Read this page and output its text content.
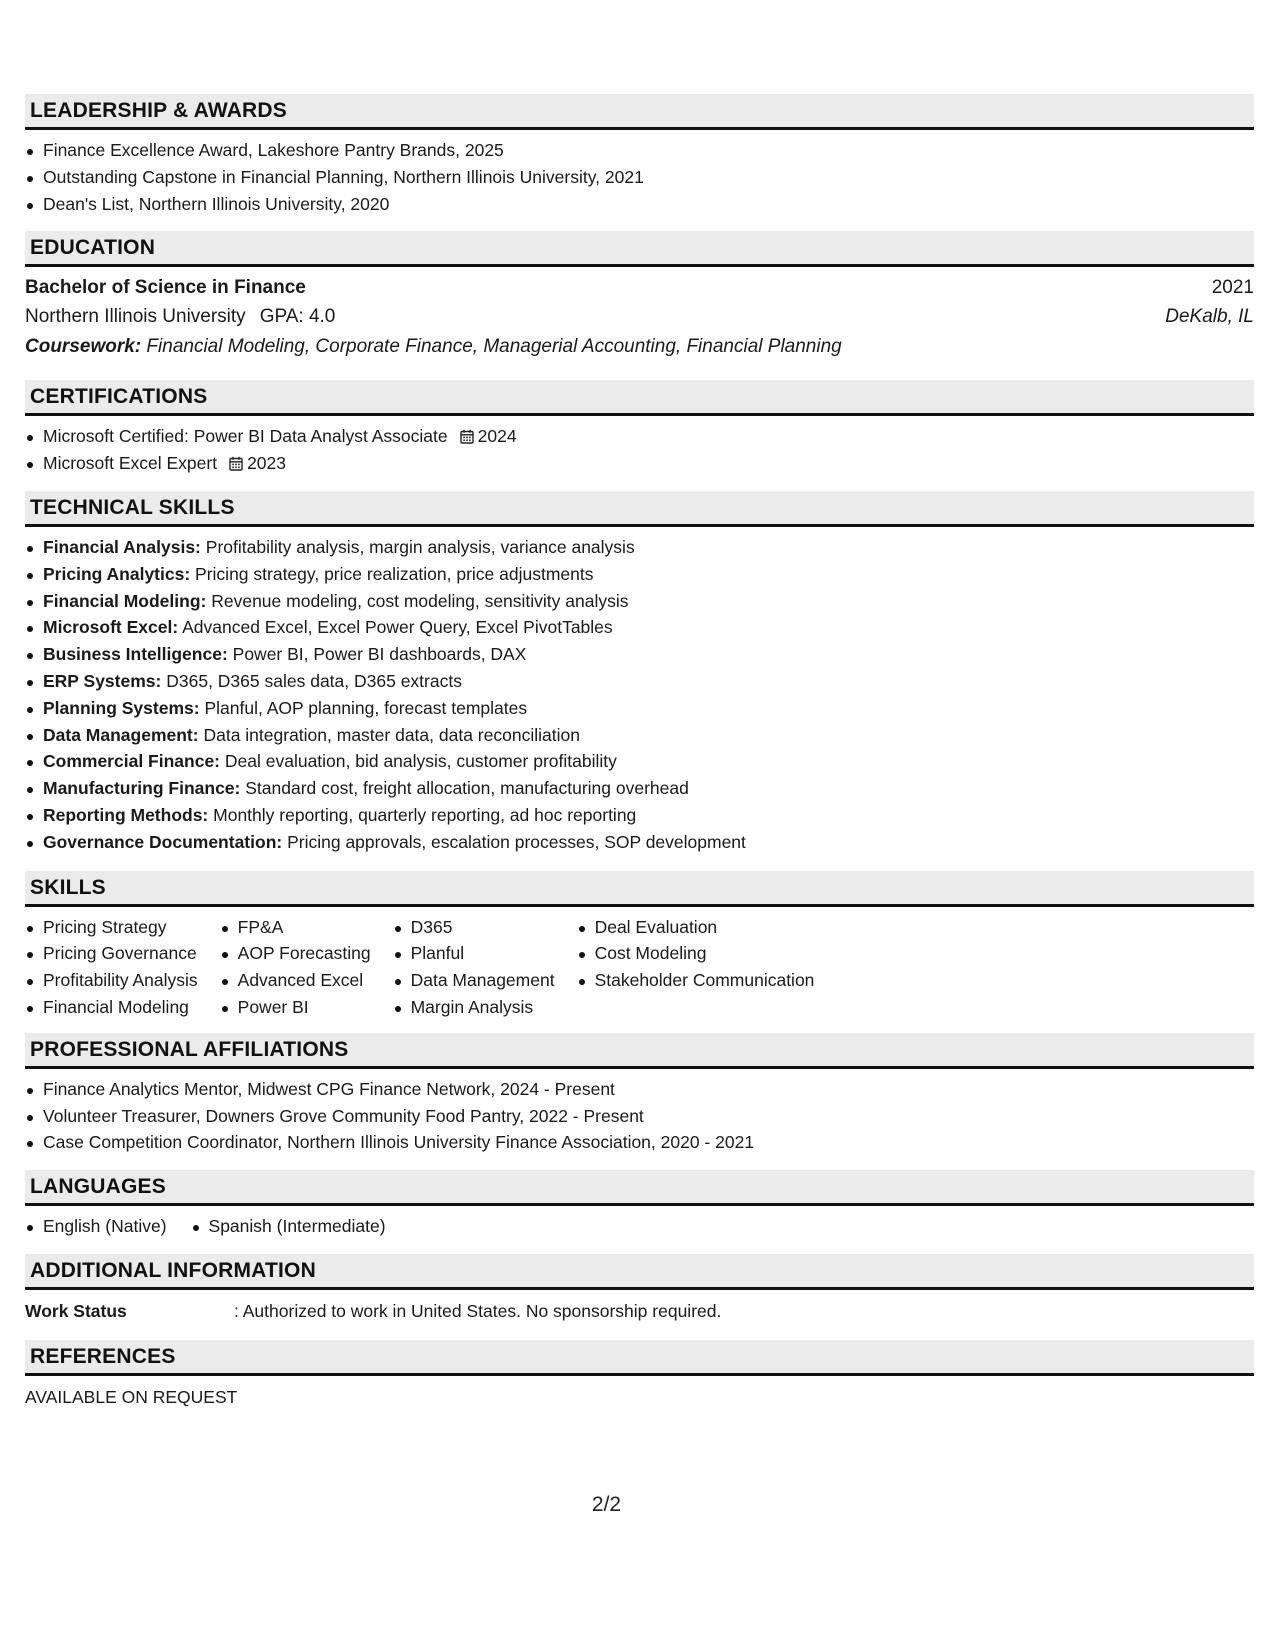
LEADERSHIP & AWARDS
Finance Excellence Award, Lakeshore Pantry Brands, 2025
Outstanding Capstone in Financial Planning, Northern Illinois University, 2021
Dean's List, Northern Illinois University, 2020
EDUCATION
Bachelor of Science in Finance	2021
Northern Illinois University GPA: 4.0	DeKalb, IL
Coursework: Financial Modeling, Corporate Finance, Managerial Accounting, Financial Planning
CERTIFICATIONS
Microsoft Certified: Power BI Data Analyst Associate 2024
Microsoft Excel Expert 2023
TECHNICAL SKILLS
Financial Analysis: Profitability analysis, margin analysis, variance analysis
Pricing Analytics: Pricing strategy, price realization, price adjustments
Financial Modeling: Revenue modeling, cost modeling, sensitivity analysis
Microsoft Excel: Advanced Excel, Excel Power Query, Excel PivotTables
Business Intelligence: Power BI, Power BI dashboards, DAX
ERP Systems: D365, D365 sales data, D365 extracts
Planning Systems: Planful, AOP planning, forecast templates
Data Management: Data integration, master data, data reconciliation
Commercial Finance: Deal evaluation, bid analysis, customer profitability
Manufacturing Finance: Standard cost, freight allocation, manufacturing overhead
Reporting Methods: Monthly reporting, quarterly reporting, ad hoc reporting
Governance Documentation: Pricing approvals, escalation processes, SOP development
SKILLS
Pricing Strategy
Pricing Governance
Profitability Analysis
Financial Modeling
FP&A
AOP Forecasting
Advanced Excel
Power BI
D365
Planful
Data Management
Margin Analysis
Deal Evaluation
Cost Modeling
Stakeholder Communication
PROFESSIONAL AFFILIATIONS
Finance Analytics Mentor, Midwest CPG Finance Network, 2024 - Present
Volunteer Treasurer, Downers Grove Community Food Pantry, 2022 - Present
Case Competition Coordinator, Northern Illinois University Finance Association, 2020 - 2021
LANGUAGES
English (Native)	Spanish (Intermediate)
ADDITIONAL INFORMATION
Work Status	: Authorized to work in United States. No sponsorship required.
REFERENCES
AVAILABLE ON REQUEST
2/2
